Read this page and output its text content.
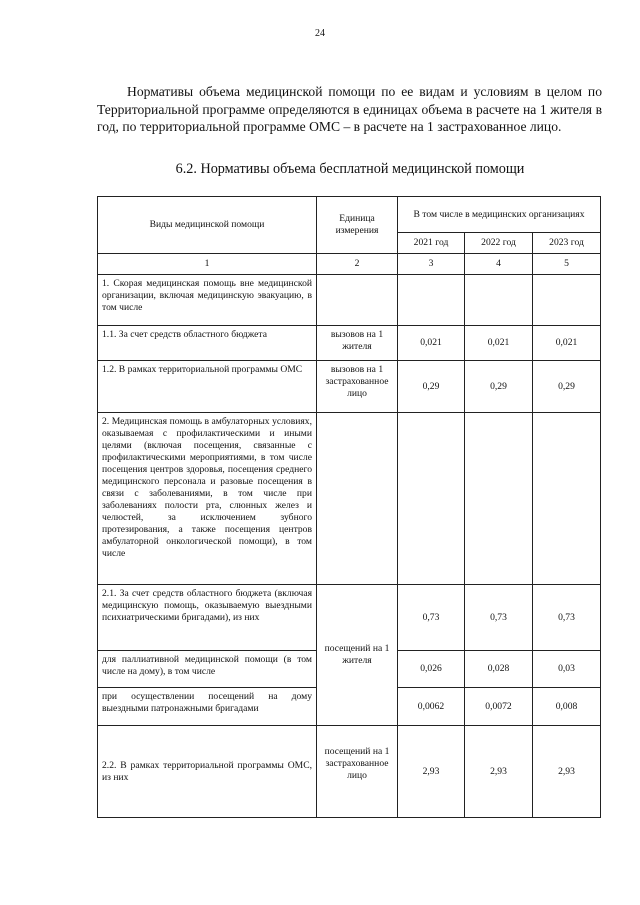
24

Нормативы объема медицинской помощи по ее видам и условиям в целом по Территориальной программе определяются в единицах объема в расчете на 1 жителя в год, по территориальной программе ОМС – в расчете на 1 застрахованное лицо.

6.2. Нормативы объема бесплатной медицинской помощи
Виды медицинской помощи	Единица измерения	В том числе в медицинских организациях		
		2021 год	2022 год	2023 год
1	2	3	4	5
1. Скорая медицинская помощь вне медицинской организации, включая медицинскую эвакуацию, в том числе				
1.1. За счет средств областного бюджета	вызовов на 1 жителя	0,021	0,021	0,021
1.2. В рамках территориальной программы ОМС	вызовов на 1 застрахованное лицо	0,29	0,29	0,29
2. Медицинская помощь в амбулаторных условиях, оказываемая с профилактическими и иными целями (включая посещения, связанные с профилактическими мероприятиями, в том числе посещения центров здоровья, посещения среднего медицинского персонала и разовые посещения в связи с заболеваниями, в том числе при заболеваниях полости рта, слюнных желез и челюстей, за исключением зубного протезирования, а также посещения центров амбулаторной онкологической помощи), в том числе				
2.1. За счет средств областного бюджета (включая медицинскую помощь, оказываемую выездными психиатрическими бригадами), из них	посещений на 1 жителя	0,73	0,73	0,73
для паллиативной медицинской помощи (в том числе на дому), в том числе		0,026	0,028	0,03
при осуществлении посещений на дому выездными патронажными бригадами		0,0062	0,0072	0,008
2.2. В рамках территориальной программы ОМС, из них	посещений на 1 застрахованное лицо	2,93	2,93	2,93
